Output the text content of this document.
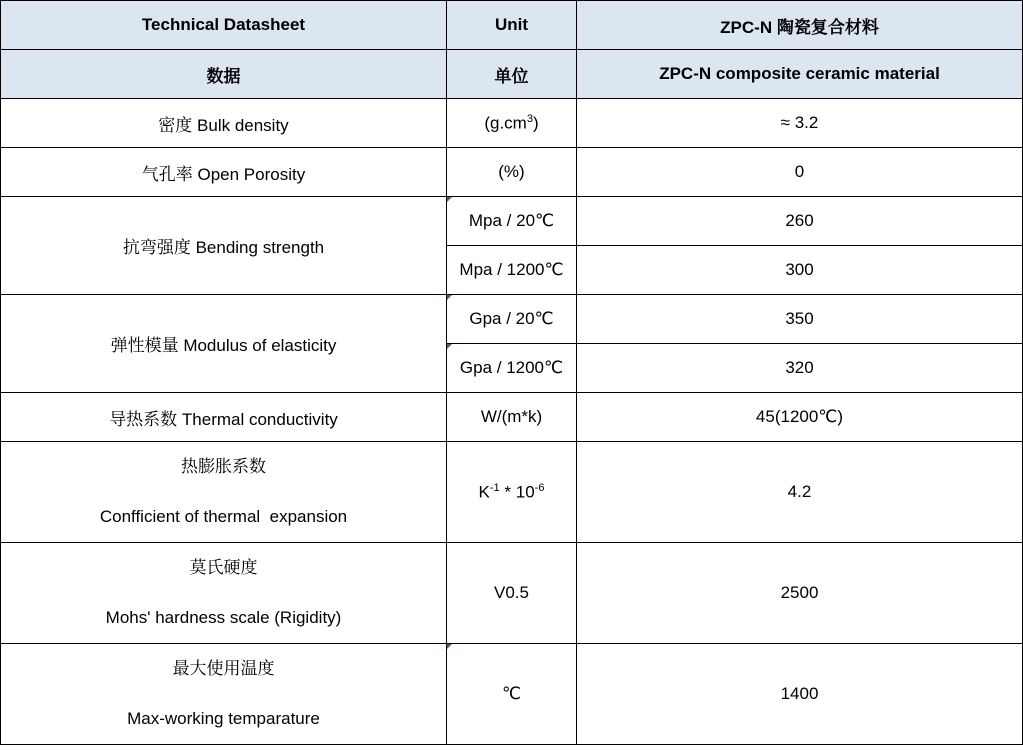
Technical Datasheet	Unit	ZPC-N 陶瓷复合材料
数据	单位	ZPC-N composite ceramic material
密度 Bulk density	$(g.cm^3)$	≈ 3.2
气孔率 Open Porosity	(%)	0
抗弯强度 Bending strength	Mpa / 20℃	260
	Mpa / 1200℃	300
弹性模量 Modulus of elasticity	Gpa / 20℃	350
	Gpa / 1200℃	320
导热系数 Thermal conductivity	W/(m*k)	45(1200℃)

热膨胀系数
Confficient of thermal  expansion	$K^{-1} * 10^{-6}$	4.2

莫氏硬度
Mohs' hardness scale (Rigidity)	V0.5	2500

最大使用温度
Max-working temparature	℃	1400
